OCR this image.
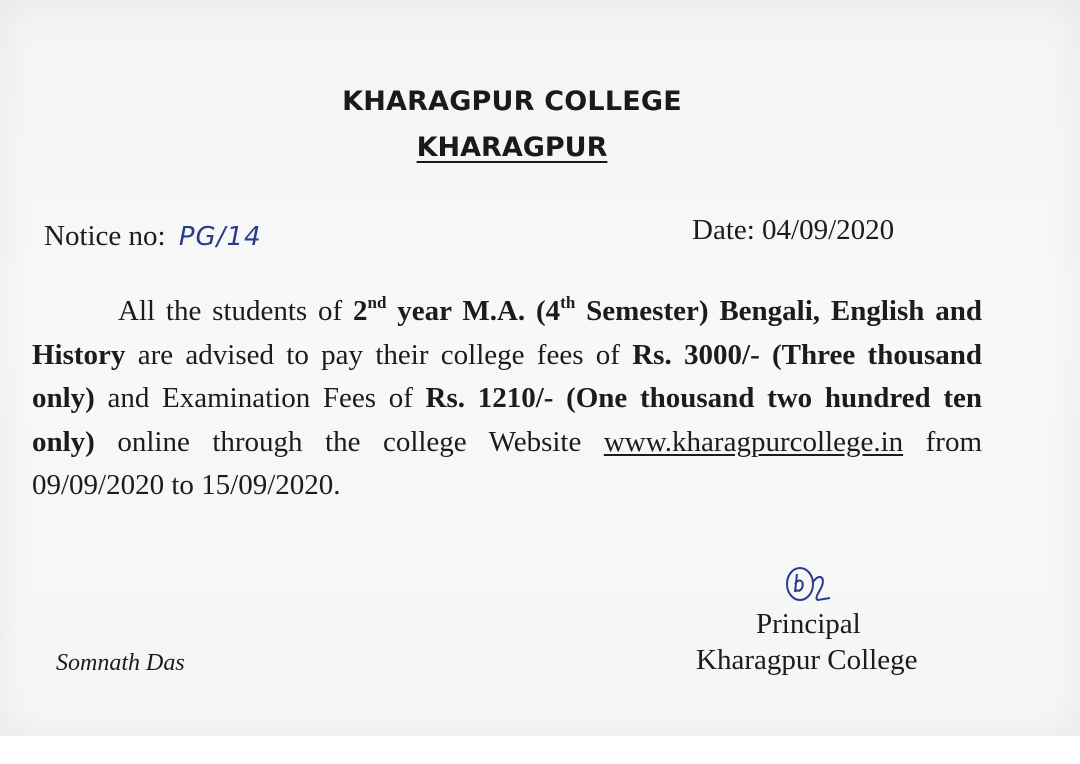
KHARAGPUR COLLEGE
KHARAGPUR
Notice no: PG/14	Date: 04/09/2020
All the students of 2nd year M.A. (4th Semester) Bengali, English and History are advised to pay their college fees of Rs. 3000/- (Three thousand only) and Examination Fees of Rs. 1210/- (One thousand two hundred ten only) online through the college Website www.kharagpurcollege.in from 09/09/2020 to 15/09/2020.
Principal
Kharagpur College
Somnath Das
